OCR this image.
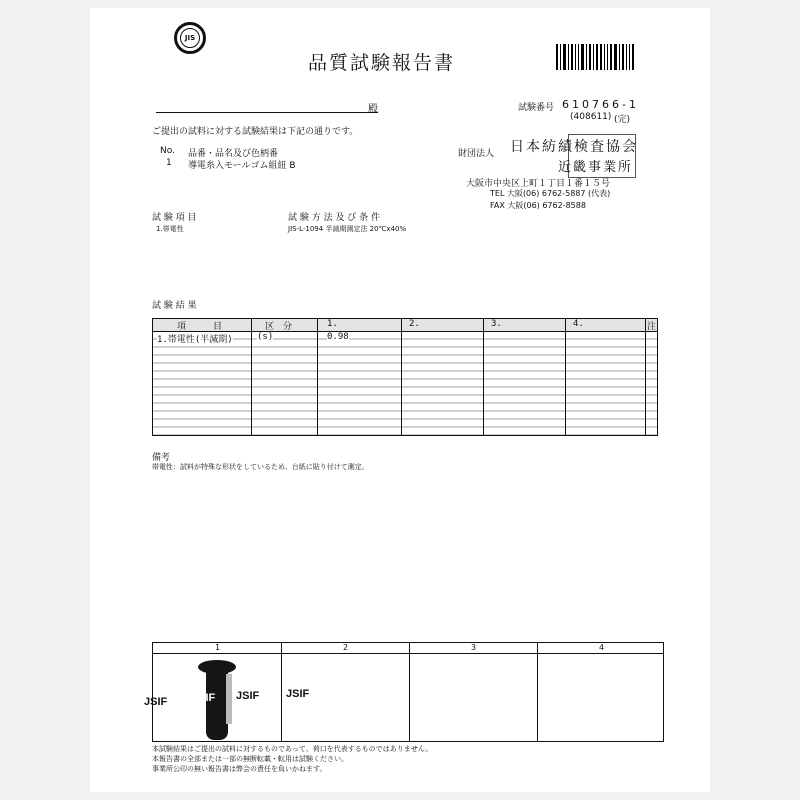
JIS
品質試験報告書
殿	試験番号 610766-1
(408611) (完)
ご提出の試料に対する試験結果は下記の通りです。
財団法人 日本紡績検査協会
近畿事業所
大阪市中央区上町１丁目１番１５号
TEL 大阪(06) 6762-5887 (代表)
FAX 大阪(06) 6762-8588
No. 品番・品名及び色柄番
1 導電糸入モールゴム組紐 B
試 験 項 目	試 験 方 法 及 び 条 件
1.帯電性	JIS-L-1094 半減期測定法 20℃x40%
試 験 結 果
項　　　目	区　分	1.	2.	3.	4.	注
1.帯電性(半減期)	(s)	0.98
備考
帯電性：試料が特殊な形状をしているため、台紙に貼り付けて測定。
1	2	3	4
JSIF JSIF JSIF JSIF
本試験結果はご提出の試料に対するものであって、荷口を代表するものではありません。
本報告書の全部または一部の無断転載・転用は試験ください。
事業所公印の無い報告書は弊会の責任を負いかねます。
